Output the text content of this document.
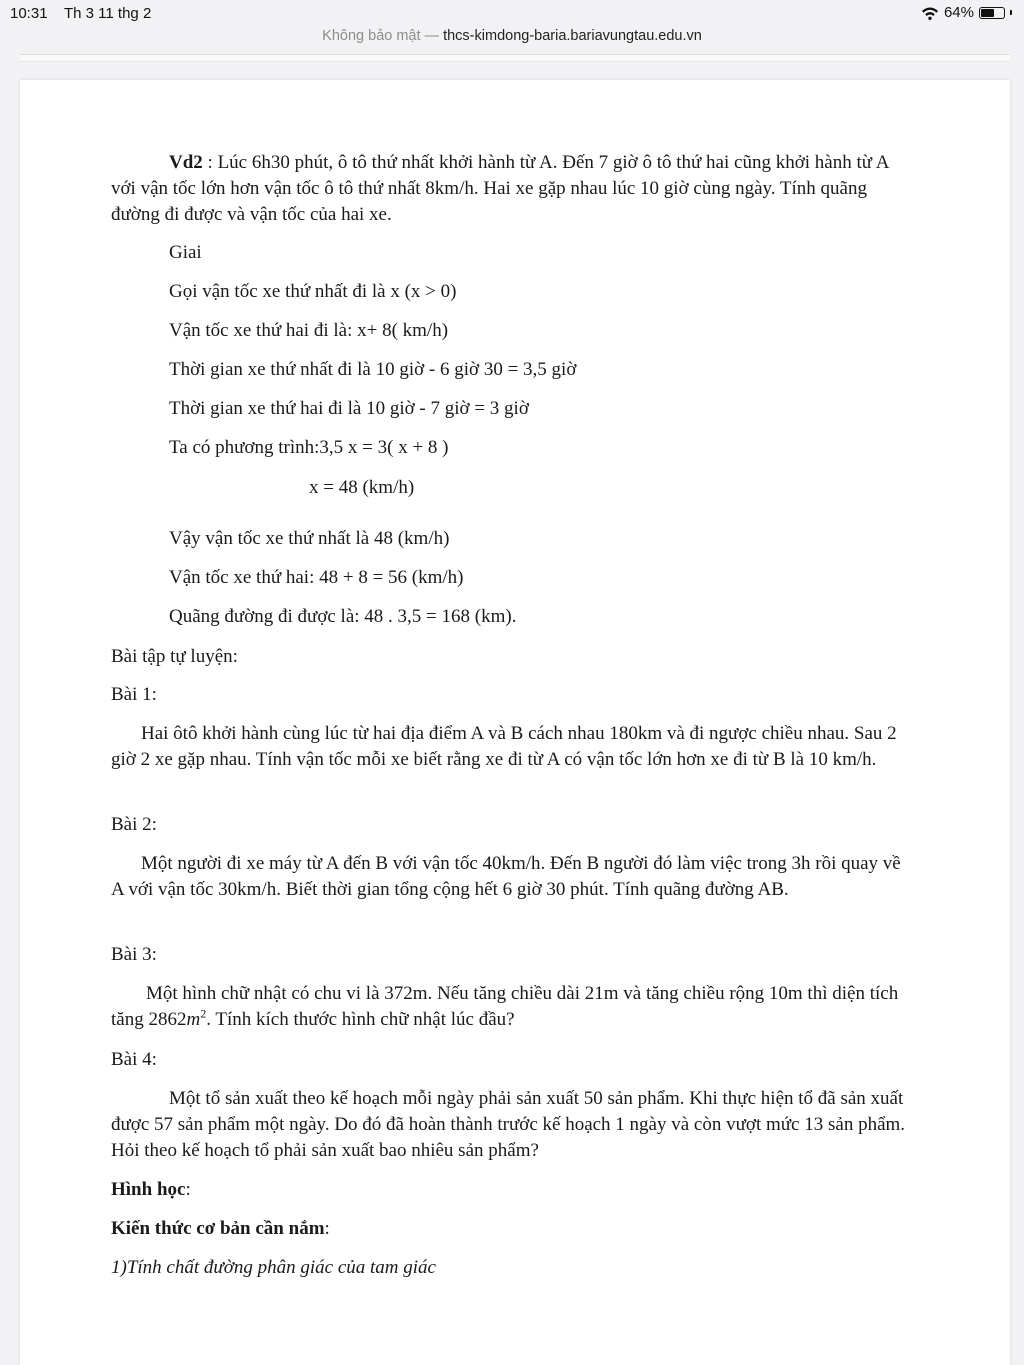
10:31 Th 3 11 thg 2	64%
Không bảo mật — thcs-kimdong-baria.bariavungtau.edu.vn
Vd2 : Lúc 6h30 phút, ô tô thứ nhất khởi hành từ A. Đến 7 giờ ô tô thứ hai cũng khởi hành từ A với vận tốc lớn hơn vận tốc ô tô thứ nhất 8km/h. Hai xe gặp nhau lúc 10 giờ cùng ngày. Tính quãng đường đi được và vận tốc của hai xe.
Giai
Gọi vận tốc xe thứ nhất đi là x (x > 0)
Vận tốc xe thứ hai đi là: x+ 8( km/h)
Thời gian xe thứ nhất đi là 10 giờ - 6 giờ 30 = 3,5 giờ
Thời gian xe thứ hai đi là 10 giờ - 7 giờ = 3 giờ
Ta có phương trình:3,5 x = 3( x + 8 )
x = 48 (km/h)
Vậy vận tốc xe thứ nhất là 48 (km/h)
Vận tốc xe thứ hai: 48 + 8 = 56 (km/h)
Quãng đường đi được là: 48 . 3,5 = 168 (km).
Bài tập tự luyện:
Bài 1:
Hai ôtô khởi hành cùng lúc từ hai địa điểm A và B cách nhau 180km và đi ngược chiều nhau. Sau 2 giờ 2 xe gặp nhau. Tính vận tốc mỗi xe biết rằng xe đi từ A có vận tốc lớn hơn xe đi từ B là 10 km/h.
Bài 2:
Một người đi xe máy từ A đến B với vận tốc 40km/h. Đến B người đó làm việc trong 3h rồi quay về A với vận tốc 30km/h. Biết thời gian tổng cộng hết 6 giờ 30 phút. Tính quãng đường AB.
Bài 3:
Một hình chữ nhật có chu vi là 372m. Nếu tăng chiều dài 21m và tăng chiều rộng 10m thì diện tích tăng $2862m^2$. Tính kích thước hình chữ nhật lúc đầu?
Bài 4:
Một tổ sản xuất theo kế hoạch mỗi ngày phải sản xuất 50 sản phẩm. Khi thực hiện tổ đã sản xuất được 57 sản phẩm một ngày. Do đó đã hoàn thành trước kế hoạch 1 ngày và còn vượt mức 13 sản phẩm. Hỏi theo kế hoạch tổ phải sản xuất bao nhiêu sản phẩm?
Hình học:
Kiến thức cơ bản cần nắm:
1)Tính chất đường phân giác của tam giác
